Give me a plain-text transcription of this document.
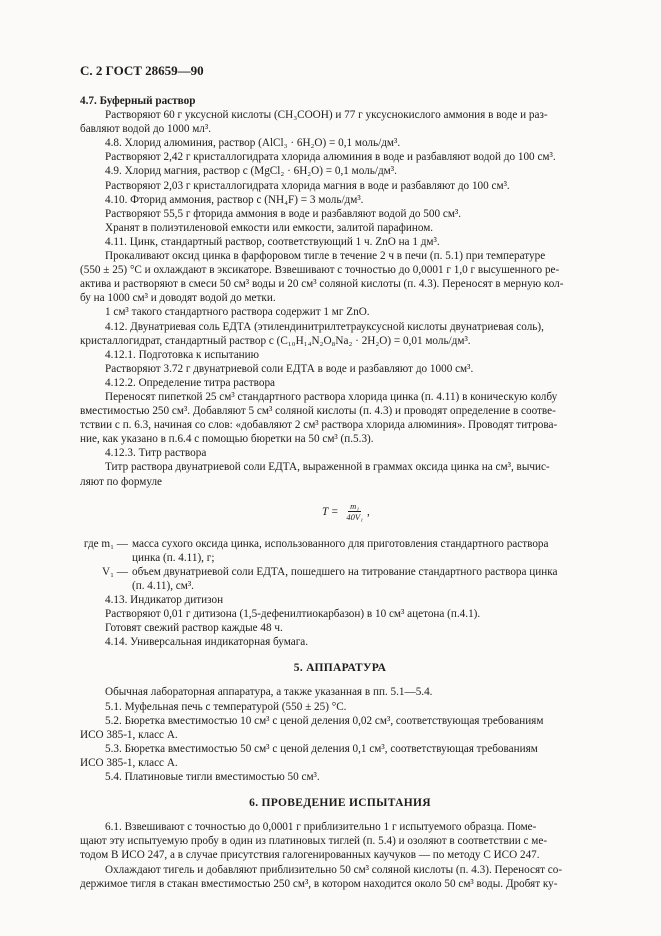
С. 2 ГОСТ 28659—90

4.7. Буферный раствор

Растворяют 60 г уксусной кислоты (CH₃COOH) и 77 г уксуснокислого аммония в воде и раз-

бавляют водой до 1000 мл³.

4.8. Хлорид алюминия, раствор (AlCl₃ · 6H₂O) = 0,1 моль/дм³.

Растворяют 2,42 г кристаллогидрата хлорида алюминия в воде и разбавляют водой до 100 см³.

4.9. Хлорид магния, раствор c (MgCl₂ · 6H₂O) = 0,1 моль/дм³.

Растворяют 2,03 г кристаллогидрата хлорида магния в воде и разбавляют до 100 см³.

4.10. Фторид аммония, раствор c (NH₄F) = 3 моль/дм³.

Растворяют 55,5 г фторида аммония в воде и разбавляют водой до 500 см³.

Хранят в полиэтиленовой емкости или емкости, залитой парафином.

4.11. Цинк, стандартный раствор, соответствующий 1 ч. ZnO на 1 дм³.

Прокаливают оксид цинка в фарфоровом тигле в течение 2 ч в печи (п. 5.1) при температуре

(550 ± 25) °С и охлаждают в эксикаторе. Взвешивают с точностью до 0,0001 г 1,0 г высушенного ре-

актива и растворяют в смеси 50 см³ воды и 20 см³ соляной кислоты (п. 4.3). Переносят в мерную кол-

бу на 1000 см³ и доводят водой до метки.

1 см³ такого стандартного раствора содержит 1 мг ZnO.

4.12. Двунатриевая соль ЕДТА (этилендинитрилтетрауксусной кислоты двунатриевая соль),

кристаллогидрат, стандартный раствор c (C₁₀H₁₄N₂O₈Na₂ · 2H₂O) = 0,01 моль/дм³.

4.12.1. Подготовка к испытанию

Растворяют 3.72 г двунатриевой соли ЕДТА в воде и разбавляют до 1000 см³.

4.12.2. Определение титра раствора

Переносят пипеткой 25 см³ стандартного раствора хлорида цинка (п. 4.11) в коническую колбу

вместимостью 250 см³. Добавляют 5 см³ соляной кислоты (п. 4.3) и проводят определение в соотве-

тствии с п. 6.3, начиная со слов: «добавляют 2 см³ раствора хлорида алюминия». Проводят титрова-

ние, как указано в п.6.4 с помощью бюретки на 50 см³ (п.5.3).

4.12.3. Титр раствора

Титр раствора двунатриевой соли ЕДТА, выраженной в граммах оксида цинка на см³, вычис-

ляют по формуле

$T = \frac{\text{m₁}}{\text{40V₁}}$ ,
где m₁ — масса сухого оксида цинка, использованного для приготовления стандартного раствора
цинка (п. 4.11), г;
V₁ — объем двунатриевой соли ЕДТА, пошедшего на титрование стандартного раствора цинка
(п. 4.11), см³.

4.13. Индикатор дитизон

Растворяют 0,01 г дитизона (1,5-дефенилтиокарбазон) в 10 см³ ацетона (п.4.1).

Готовят свежий раствор каждые 48 ч.

4.14. Универсальная индикаторная бумага.

5. АППАРАТУРА

Обычная лабораторная аппаратура, а также указанная в пп. 5.1—5.4.

5.1. Муфельная печь с температурой (550 ± 25) °С.

5.2. Бюретка вместимостью 10 см³ с ценой деления 0,02 см³, соответствующая требованиям

ИСО 385-1, класс А.

5.3. Бюретка вместимостью 50 см³ с ценой деления 0,1 см³, соответствующая требованиям

ИСО 385-1, класс А.

5.4. Платиновые тигли вместимостью 50 см³.

6. ПРОВЕДЕНИЕ ИСПЫТАНИЯ

6.1. Взвешивают с точностью до 0,0001 г приблизительно 1 г испытуемого образца. Поме-

щают эту испытуемую пробу в один из платиновых тиглей (п. 5.4) и озоляют в соответствии с ме-

тодом В ИСО 247, а в случае присутствия галогенированных каучуков — по методу С ИСО 247.

Охлаждают тигель и добавляют приблизительно 50 см³ соляной кислоты (п. 4.3). Переносят со-

держимое тигля в стакан вместимостью 250 см³, в котором находится около 50 см³ воды. Дробят ку-
